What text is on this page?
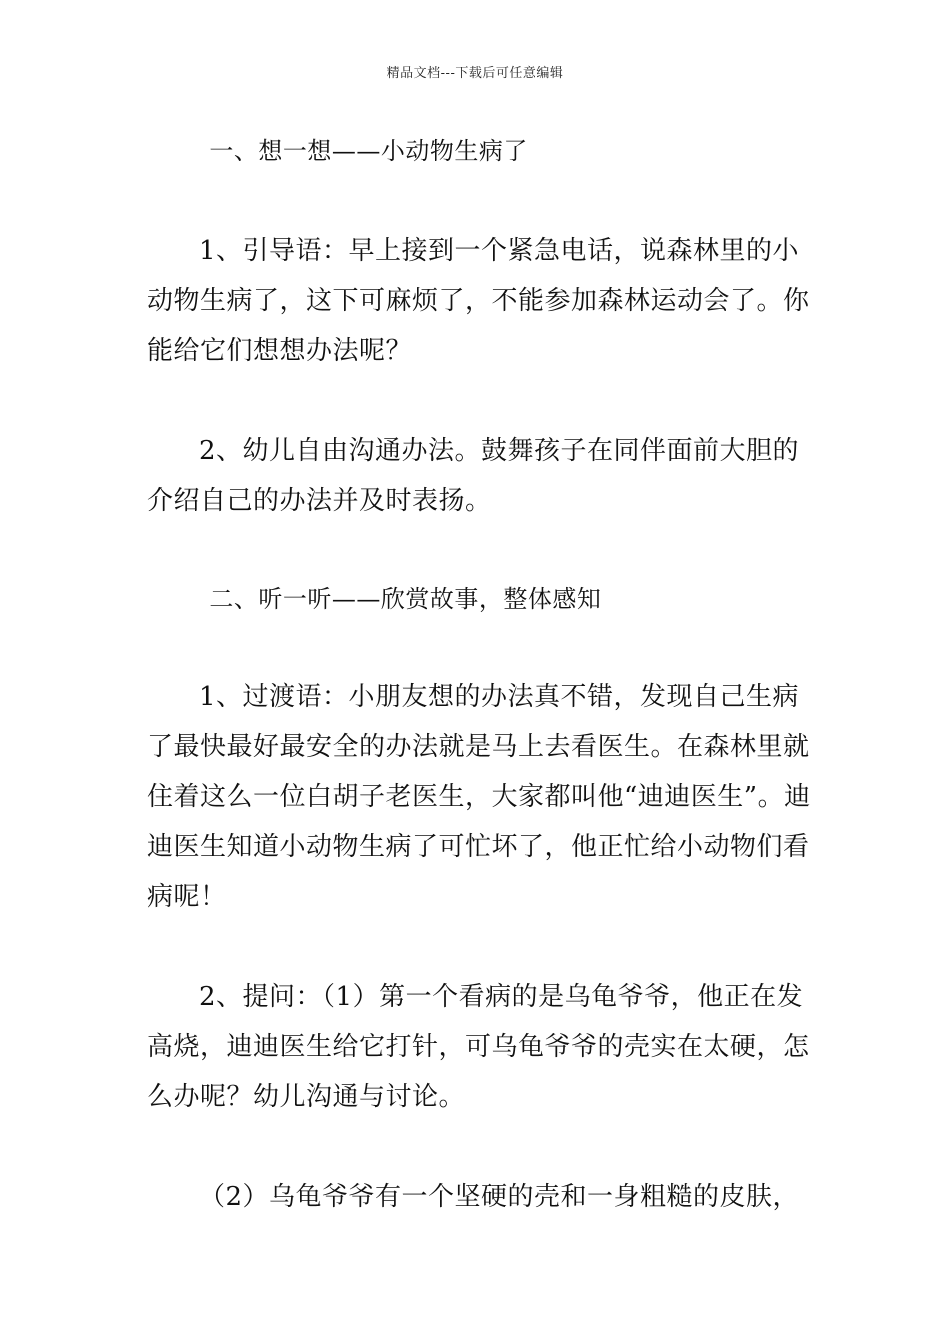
精品文档---下载后可任意编辑

一、想一想——小动物生病了

1、引导语：早上接到一个紧急电话，说森林里的小动物生病了，这下可麻烦了，不能参加森林运动会了。你能给它们想想办法呢？

2、幼儿自由沟通办法。鼓舞孩子在同伴面前大胆的介绍自己的办法并及时表扬。

二、听一听——欣赏故事，整体感知

1、过渡语：小朋友想的办法真不错，发现自己生病了最快最好最安全的办法就是马上去看医生。在森林里就住着这么一位白胡子老医生，大家都叫他“迪迪医生”。迪迪医生知道小动物生病了可忙坏了，他正忙给小动物们看病呢！

2、提问：（1）第一个看病的是乌龟爷爷，他正在发高烧，迪迪医生给它打针，可乌龟爷爷的壳实在太硬，怎么办呢？幼儿沟通与讨论。

（2）乌龟爷爷有一个坚硬的壳和一身粗糙的皮肤，
